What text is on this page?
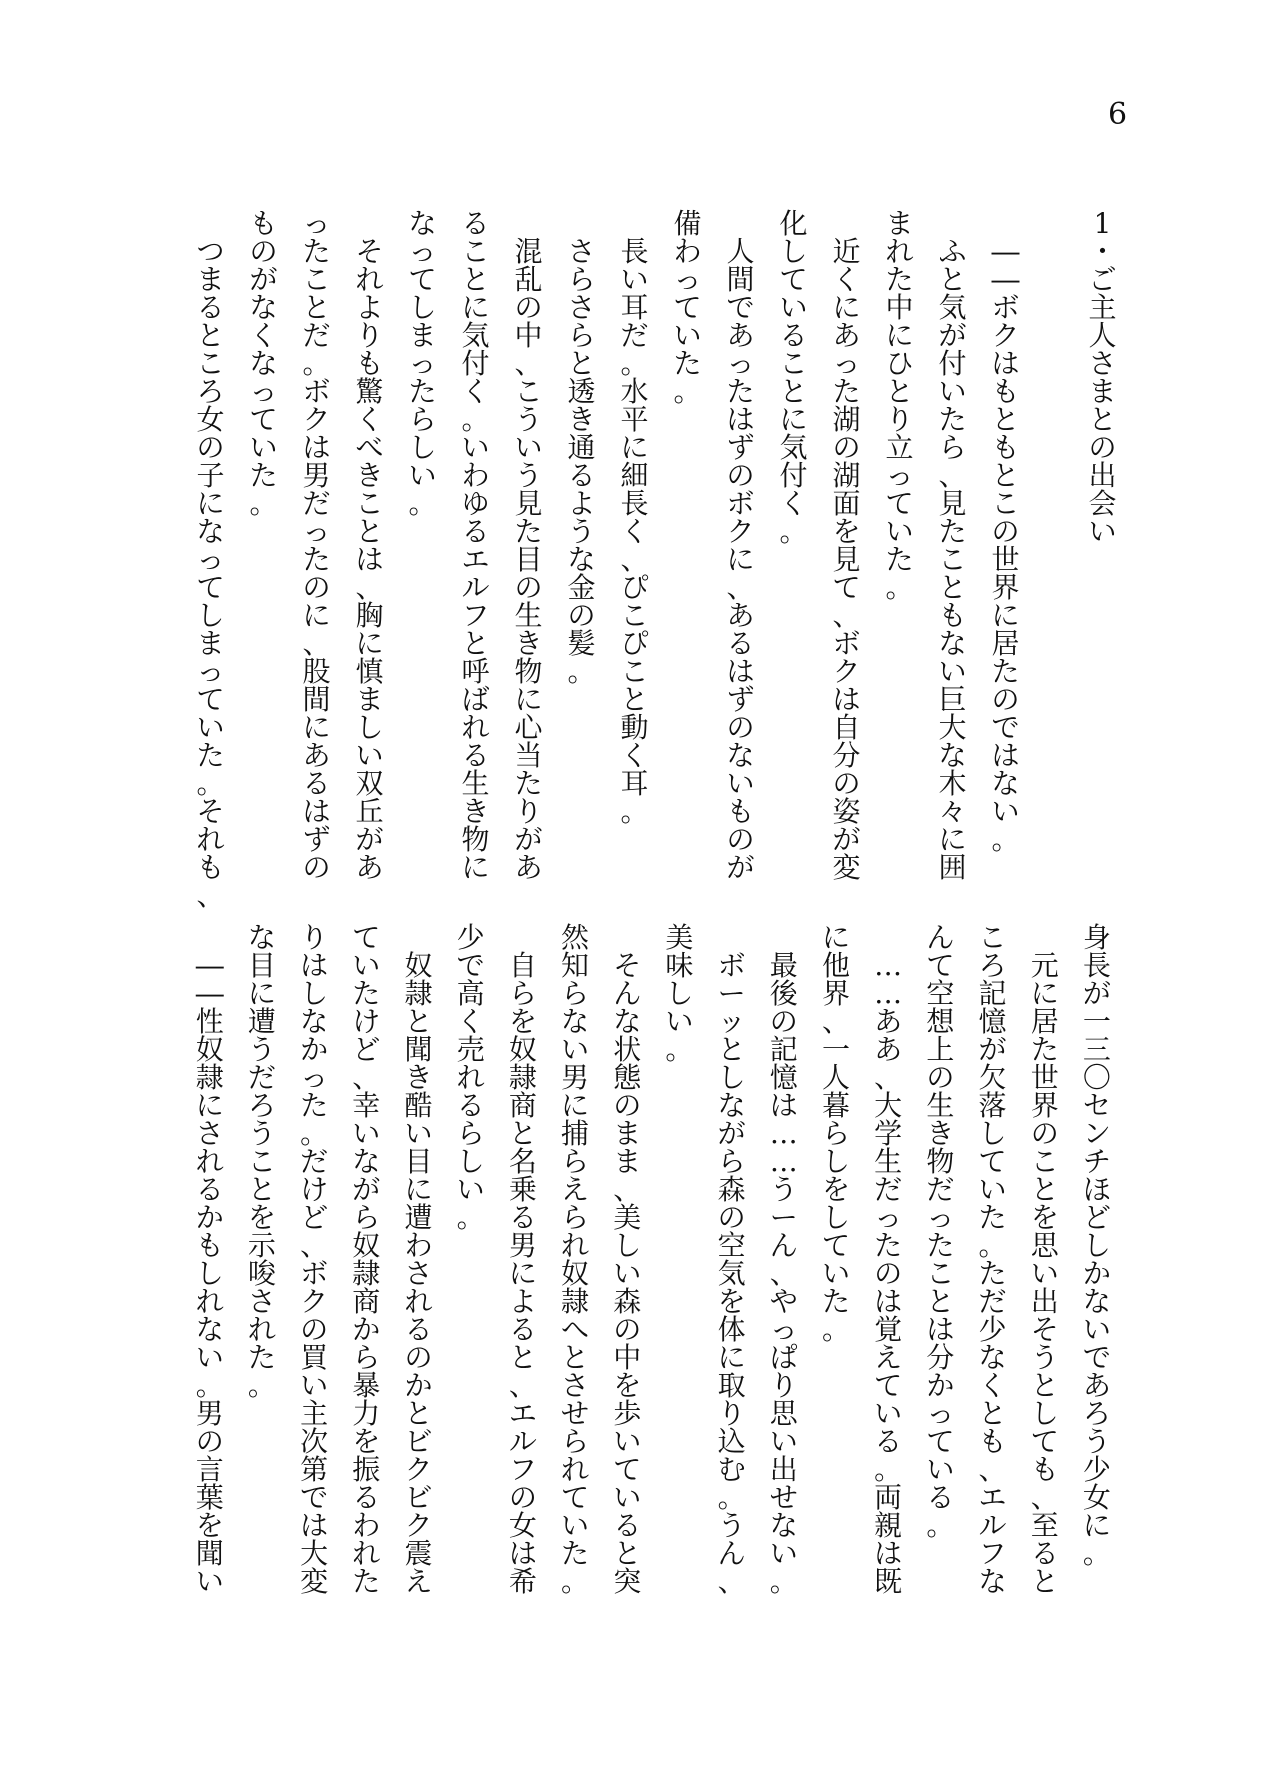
6
1・ご主人さまとの出会い
　――ボクはもともとこの世界に居たのではない。
　ふと気が付いたら、見たこともない巨大な木々に囲
まれた中にひとり立っていた。
　近くにあった湖の湖面を見て、ボクは自分の姿が変
化していることに気付く。
　人間であったはずのボクに、あるはずのないものが
備わっていた。
　長い耳だ。水平に細長く、ぴこぴこと動く耳。
　さらさらと透き通るような金の髪。
　混乱の中、こういう見た目の生き物に心当たりがあ
ることに気付く。いわゆるエルフと呼ばれる生き物に
なってしまったらしい。
　それよりも驚くべきことは、胸に慎ましい双丘があ
ったことだ。ボクは男だったのに、股間にあるはずの
ものがなくなっていた。
　つまるところ女の子になってしまっていた。それも、
身長が一三〇センチほどしかないであろう少女に。
　元に居た世界のことを思い出そうとしても、至ると
ころ記憶が欠落していた。ただ少なくとも、エルフな
んて空想上の生き物だったことは分かっている。
　……ああ、大学生だったのは覚えている。両親は既
に他界、一人暮らしをしていた。
　最後の記憶は……うーん、やっぱり思い出せない。
　ボーッとしながら森の空気を体に取り込む。うん、
美味しい。
　そんな状態のまま、美しい森の中を歩いていると突
然知らない男に捕らえられ奴隷へとさせられていた。
　自らを奴隷商と名乗る男によると、エルフの女は希
少で高く売れるらしい。
　奴隷と聞き酷い目に遭わされるのかとビクビク震え
ていたけど、幸いながら奴隷商から暴力を振るわれた
りはしなかった。だけど、ボクの買い主次第では大変
な目に遭うだろうことを示唆された。
　――性奴隷にされるかもしれない。男の言葉を聞い
